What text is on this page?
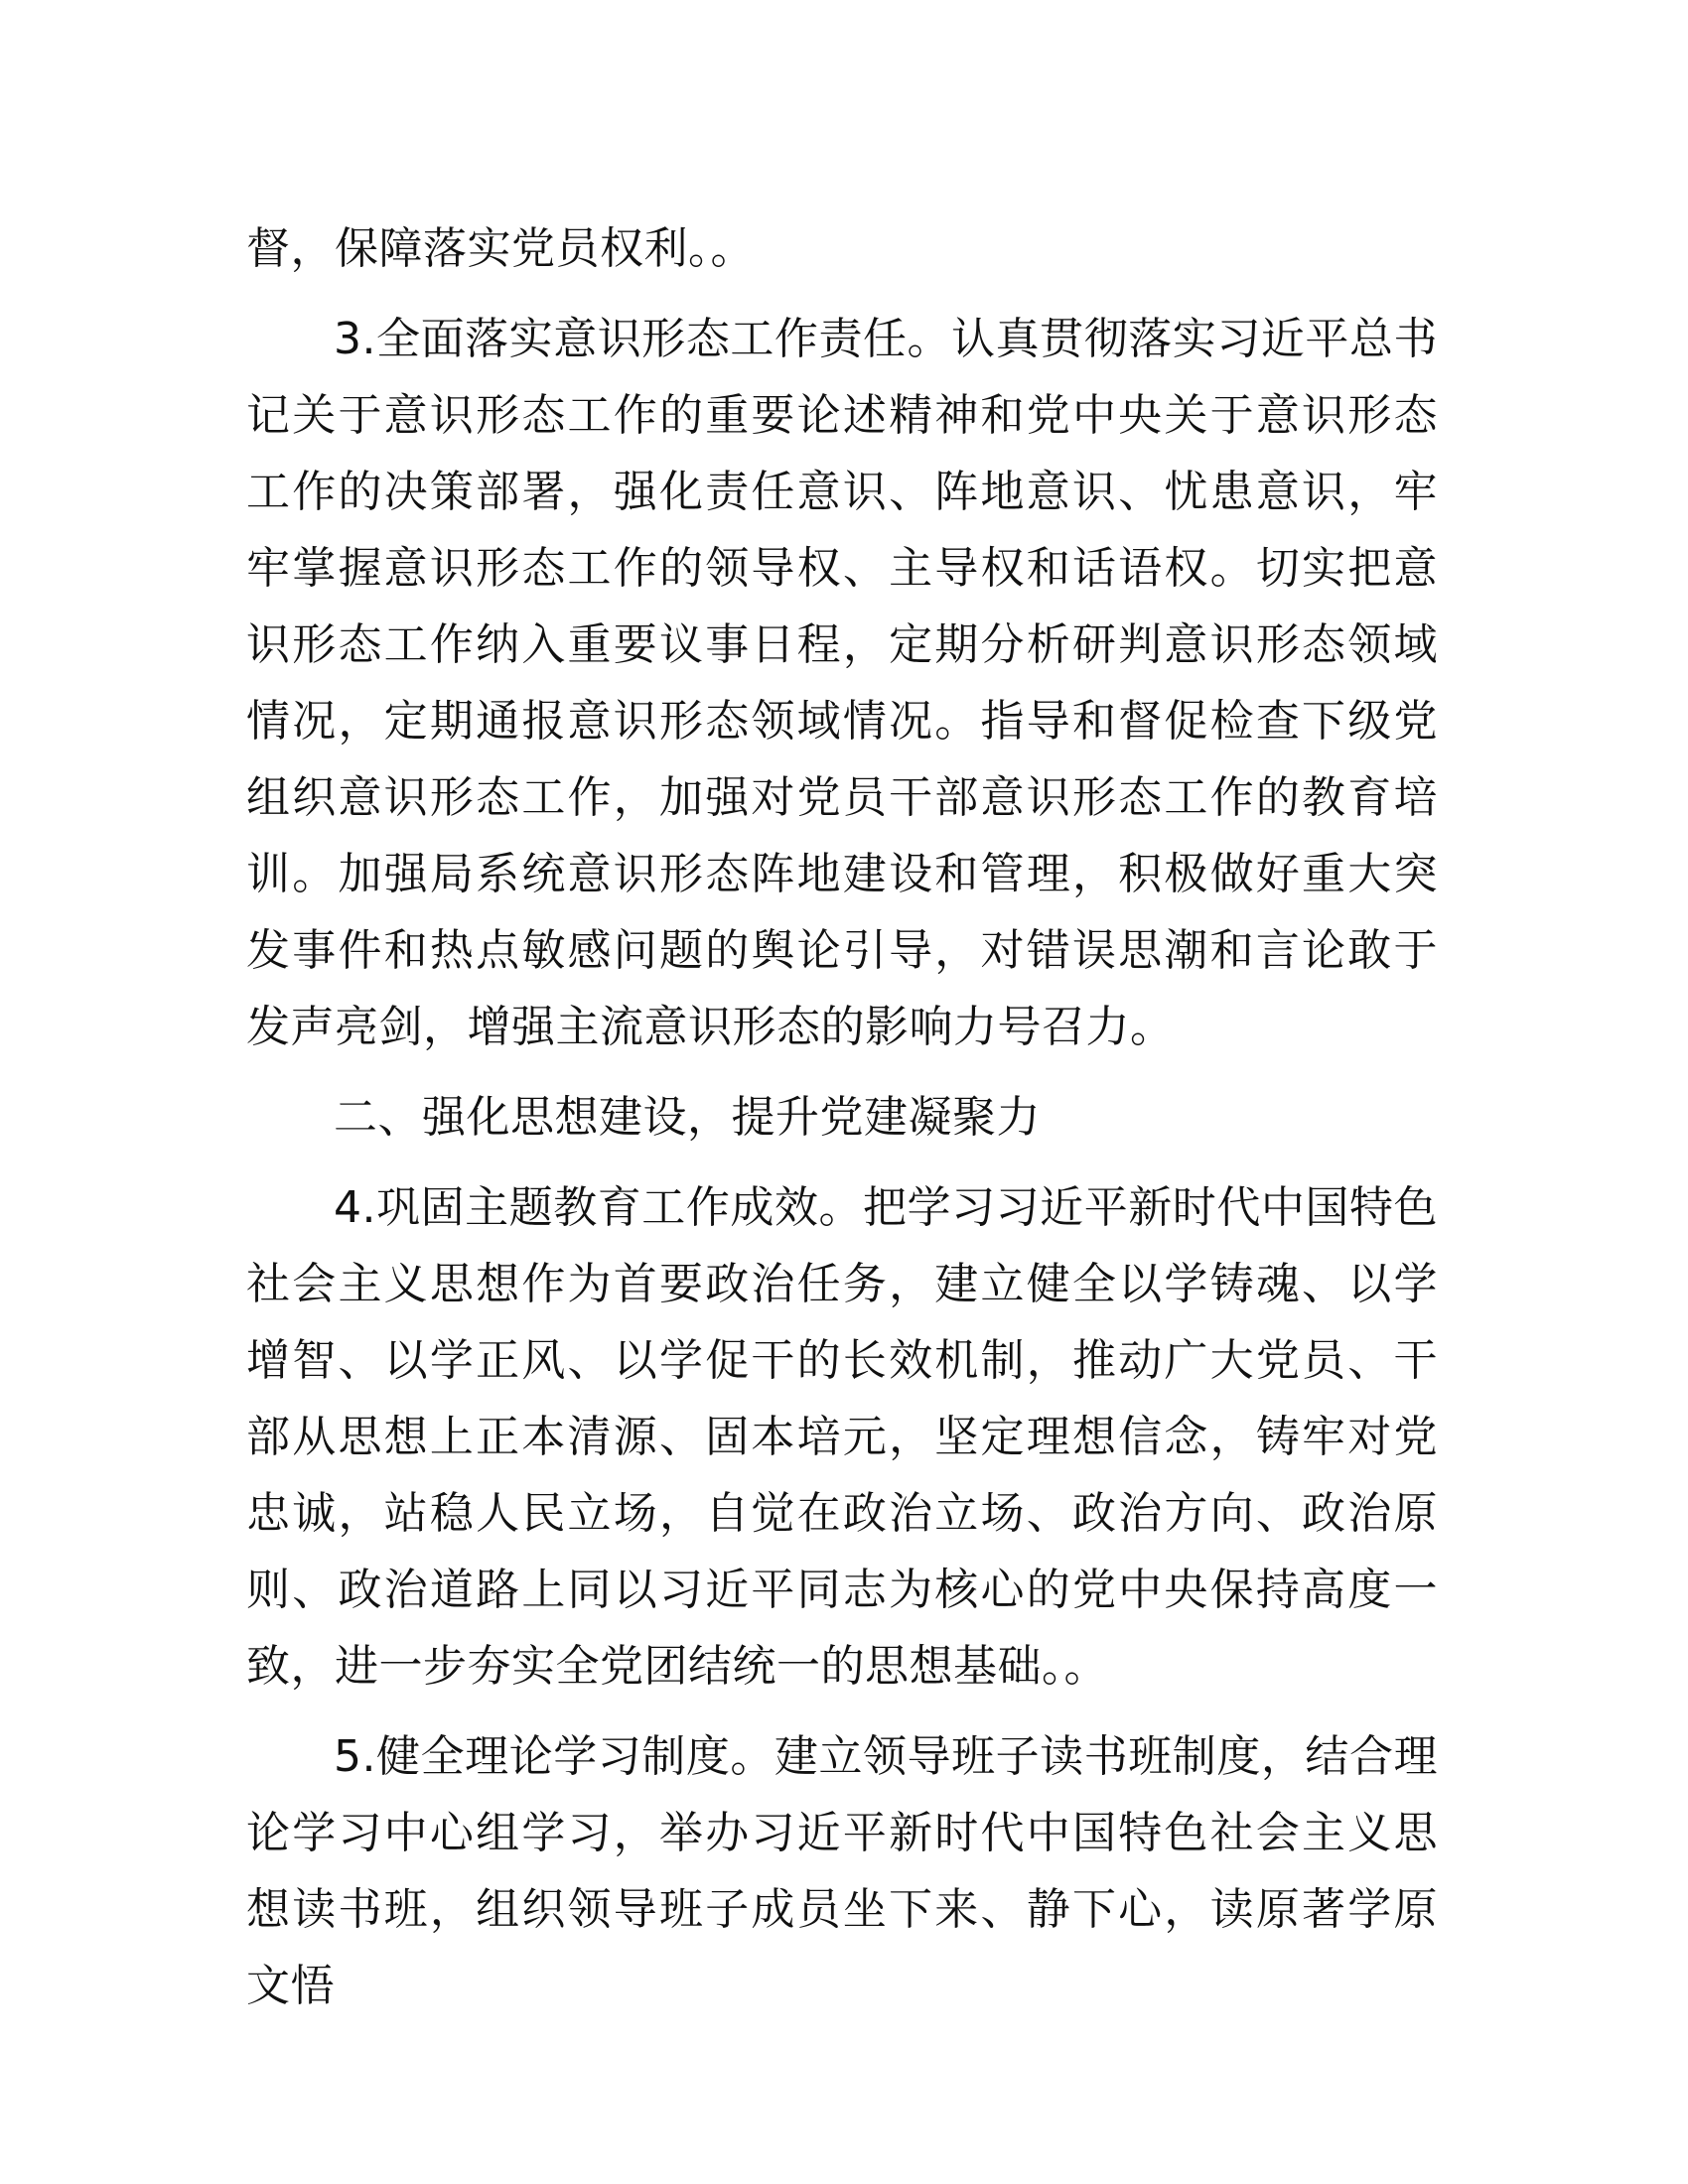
督，保障落实党员权利。。

3.全面落实意识形态工作责任。认真贯彻落实习近平总书记关于意识形态工作的重要论述精神和党中央关于意识形态工作的决策部署，强化责任意识、阵地意识、忧患意识，牢牢掌握意识形态工作的领导权、主导权和话语权。切实把意识形态工作纳入重要议事日程，定期分析研判意识形态领域情况，定期通报意识形态领域情况。指导和督促检查下级党组织意识形态工作，加强对党员干部意识形态工作的教育培训。加强局系统意识形态阵地建设和管理，积极做好重大突发事件和热点敏感问题的舆论引导，对错误思潮和言论敢于发声亮剑，增强主流意识形态的影响力号召力。

二、强化思想建设，提升党建凝聚力

4.巩固主题教育工作成效。把学习习近平新时代中国特色社会主义思想作为首要政治任务，建立健全以学铸魂、以学增智、以学正风、以学促干的长效机制，推动广大党员、干部从思想上正本清源、固本培元，坚定理想信念，铸牢对党忠诚，站稳人民立场，自觉在政治立场、政治方向、政治原则、政治道路上同以习近平同志为核心的党中央保持高度一致，进一步夯实全党团结统一的思想基础。。

5.健全理论学习制度。建立领导班子读书班制度，结合理论学习中心组学习，举办习近平新时代中国特色社会主义思想读书班，组织领导班子成员坐下来、静下心，读原著学原文悟
